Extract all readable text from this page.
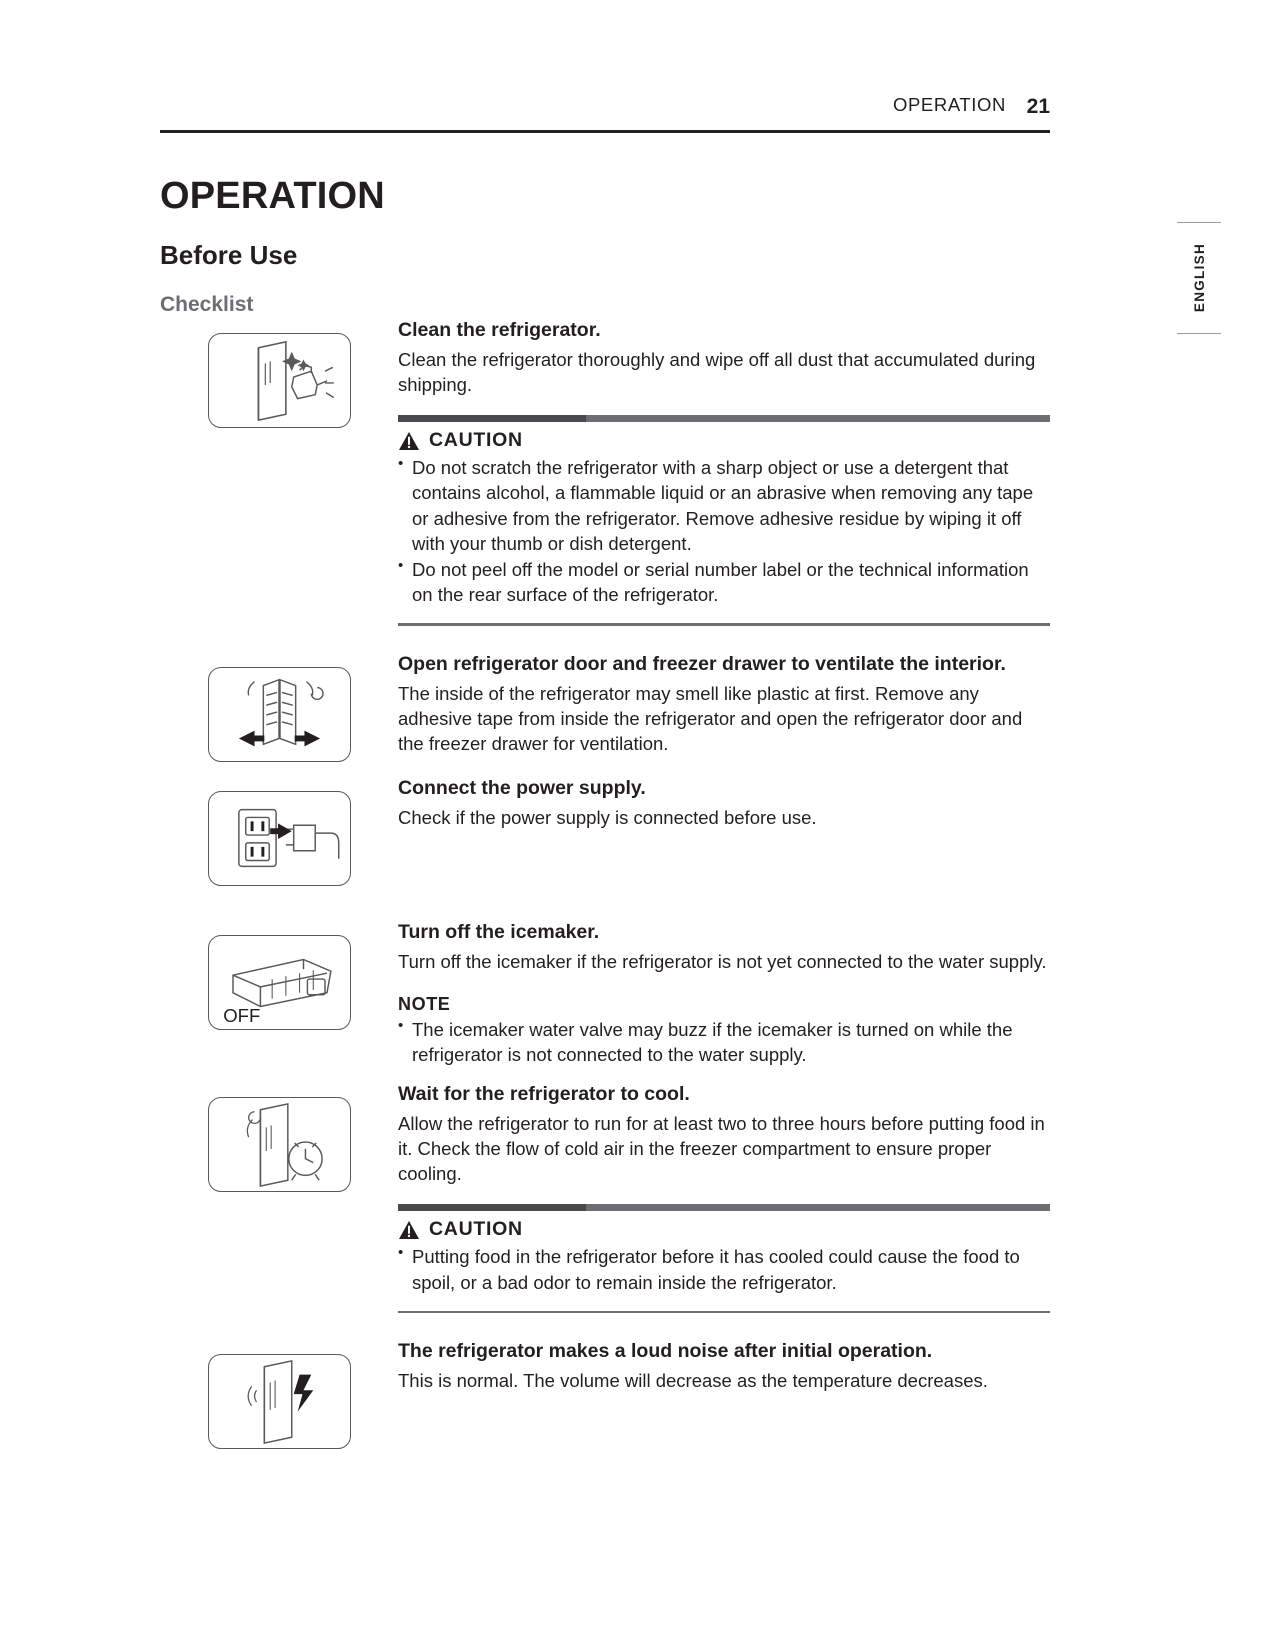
OPERATION 21
ENGLISH
OPERATION
Before Use
Checklist
Clean the refrigerator.

Clean the refrigerator thoroughly and wipe off all dust that accumulated during shipping.

CAUTION
• Do not scratch the refrigerator with a sharp object or use a detergent that contains alcohol, a flammable liquid or an abrasive when removing any tape or adhesive from the refrigerator. Remove adhesive residue by wiping it off with your thumb or dish detergent.
• Do not peel off the model or serial number label or the technical information on the rear surface of the refrigerator.
Open refrigerator door and freezer drawer to ventilate the interior.

The inside of the refrigerator may smell like plastic at first. Remove any adhesive tape from inside the refrigerator and open the refrigerator door and the freezer drawer for ventilation.

Connect the power supply.

Check if the power supply is connected before use.

OFF
Turn off the icemaker.

Turn off the icemaker if the refrigerator is not yet connected to the water supply.

NOTE
• The icemaker water valve may buzz if the icemaker is turned on while the refrigerator is not connected to the water supply.
Wait for the refrigerator to cool.

Allow the refrigerator to run for at least two to three hours before putting food in it. Check the flow of cold air in the freezer compartment to ensure proper cooling.

CAUTION
• Putting food in the refrigerator before it has cooled could cause the food to spoil, or a bad odor to remain inside the refrigerator.
The refrigerator makes a loud noise after initial operation.

This is normal. The volume will decrease as the temperature decreases.
